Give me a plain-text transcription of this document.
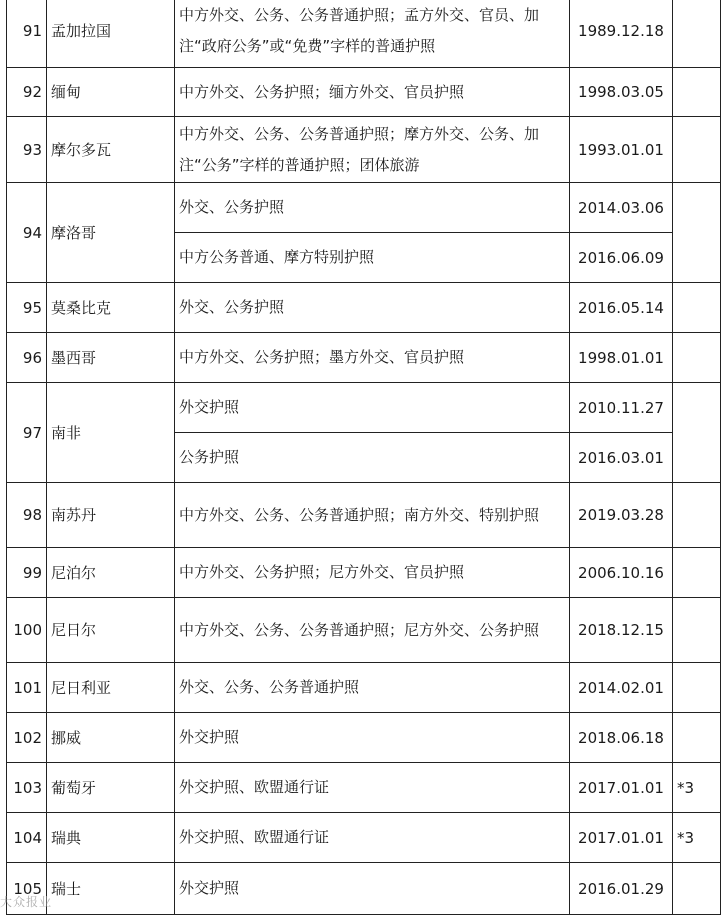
91	孟加拉国	中方外交、公务、公务普通护照；孟方外交、官员、加注“政府公务”或“免费”字样的普通护照	1989.12.18	
92	缅甸	中方外交、公务护照；缅方外交、官员护照	1998.03.05	
93	摩尔多瓦	中方外交、公务、公务普通护照；摩方外交、公务、加注“公务”字样的普通护照；团体旅游	1993.01.01	
94	摩洛哥	外交、公务护照	2014.03.06	
		中方公务普通、摩方特别护照	2016.06.09	
95	莫桑比克	外交、公务护照	2016.05.14	
96	墨西哥	中方外交、公务护照；墨方外交、官员护照	1998.01.01	
97	南非	外交护照	2010.11.27	
		公务护照	2016.03.01	
98	南苏丹	中方外交、公务、公务普通护照；南方外交、特别护照	2019.03.28	
99	尼泊尔	中方外交、公务护照；尼方外交、官员护照	2006.10.16	
100	尼日尔	中方外交、公务、公务普通护照；尼方外交、公务护照	2018.12.15	
101	尼日利亚	外交、公务、公务普通护照	2014.02.01	
102	挪威	外交护照	2018.06.18	
103	葡萄牙	外交护照、欧盟通行证	2017.01.01	*3
104	瑞典	外交护照、欧盟通行证	2017.01.01	*3
105	瑞士	外交护照	2016.01.29	
大众报业
